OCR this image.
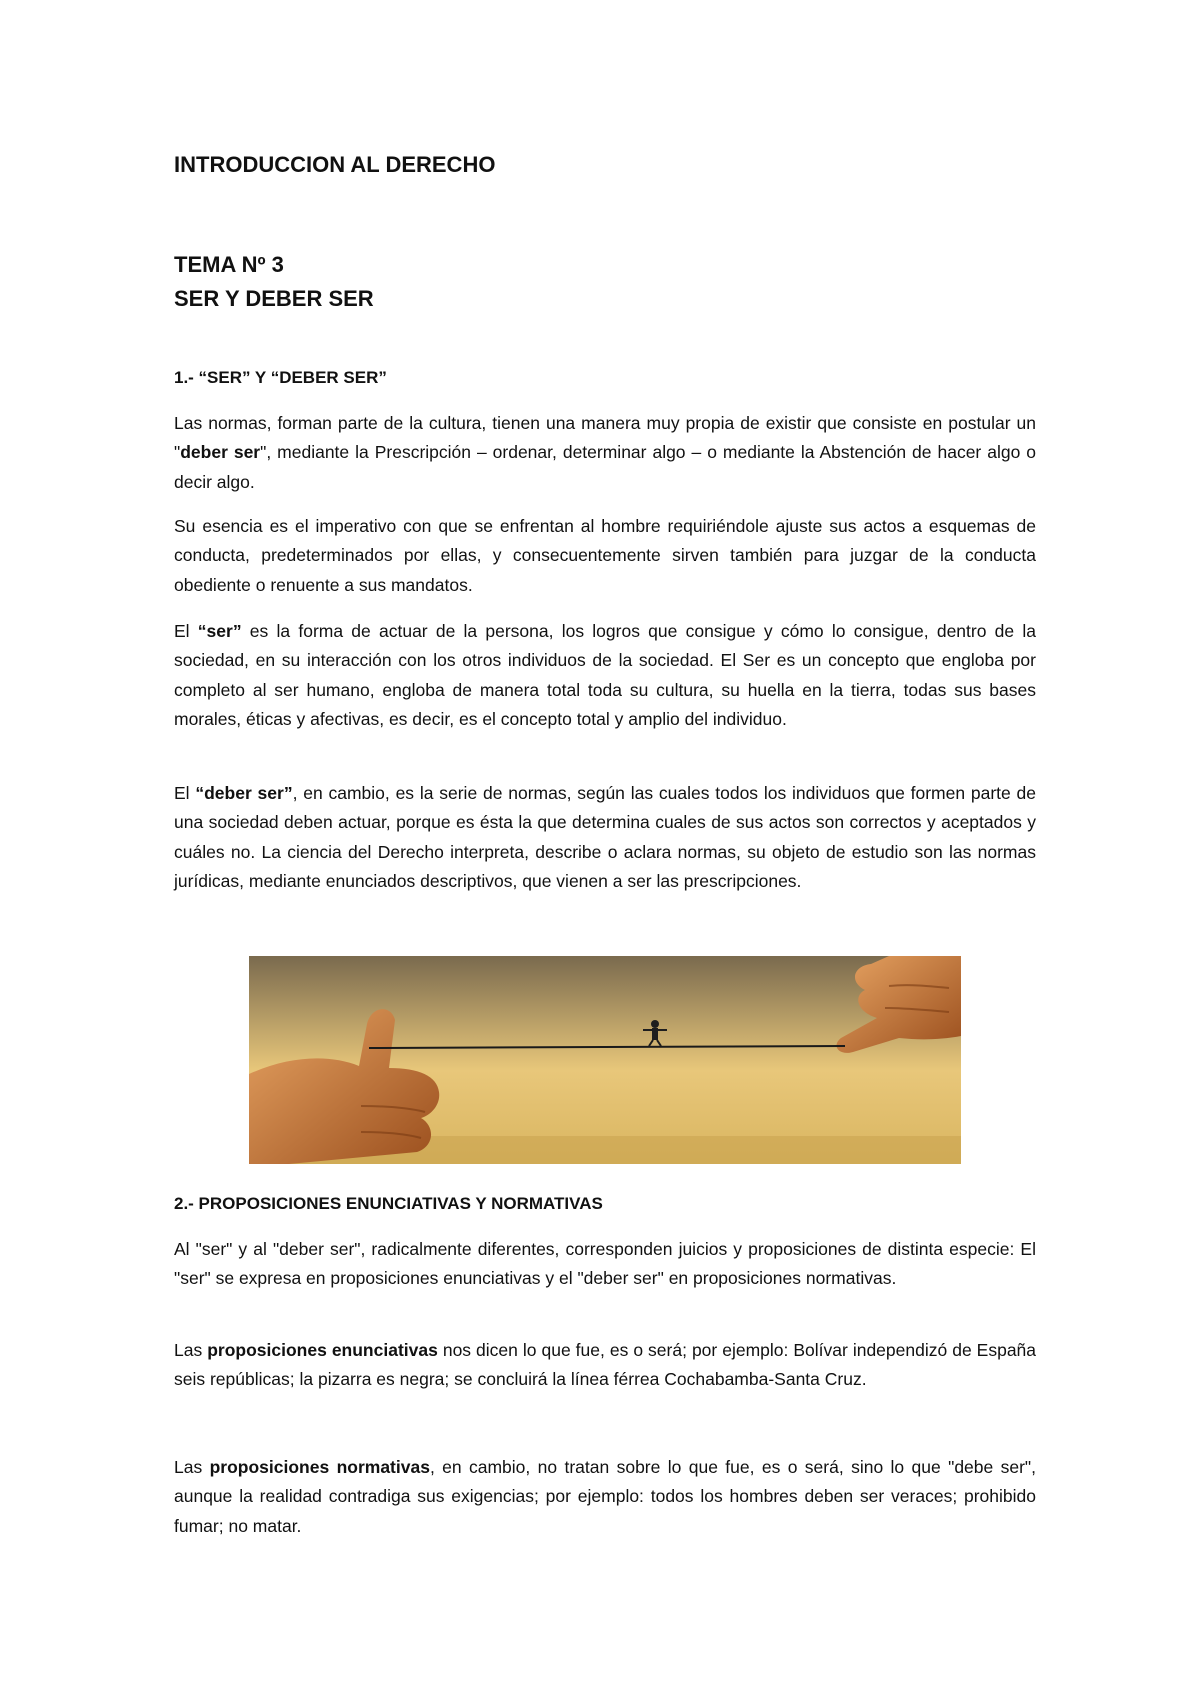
INTRODUCCION AL DERECHO
TEMA Nº 3
SER Y DEBER SER
1.- “SER” Y “DEBER SER”

Las normas, forman parte de la cultura, tienen una manera muy propia de existir que consiste en postular un "deber ser", mediante la Prescripción – ordenar, determinar algo – o mediante la Abstención de hacer algo o decir algo.

Su esencia es el imperativo con que se enfrentan al hombre requiriéndole ajuste sus actos a esquemas de conducta, predeterminados por ellas, y consecuentemente sirven también para juzgar de la conducta obediente o renuente a sus mandatos.

El “ser” es la forma de actuar de la persona, los logros que consigue y cómo lo consigue, dentro de la sociedad, en su interacción con los otros individuos de la sociedad. El Ser es un concepto que engloba por completo al ser humano, engloba de manera total toda su cultura, su huella en la tierra, todas sus bases morales, éticas y afectivas, es decir, es el concepto total y amplio del individuo.

El “deber ser”, en cambio, es la serie de normas, según las cuales todos los individuos que formen parte de una sociedad deben actuar, porque es ésta la que determina cuales de sus actos son correctos y aceptados y cuáles no. La ciencia del Derecho interpreta, describe o aclara normas, su objeto de estudio son las normas jurídicas, mediante enunciados descriptivos, que vienen a ser las prescripciones.

2.- PROPOSICIONES ENUNCIATIVAS Y NORMATIVAS

Al "ser" y al "deber ser", radicalmente diferentes, corresponden juicios y proposiciones de distinta especie: El "ser" se expresa en proposiciones enunciativas y el "deber ser" en proposiciones normativas.

Las proposiciones enunciativas nos dicen lo que fue, es o será; por ejemplo: Bolívar independizó de España seis repúblicas; la pizarra es negra; se concluirá la línea férrea Cochabamba-Santa Cruz.

Las proposiciones normativas, en cambio, no tratan sobre lo que fue, es o será, sino lo que "debe ser", aunque la realidad contradiga sus exigencias; por ejemplo: todos los hombres deben ser veraces; prohibido fumar; no matar.
